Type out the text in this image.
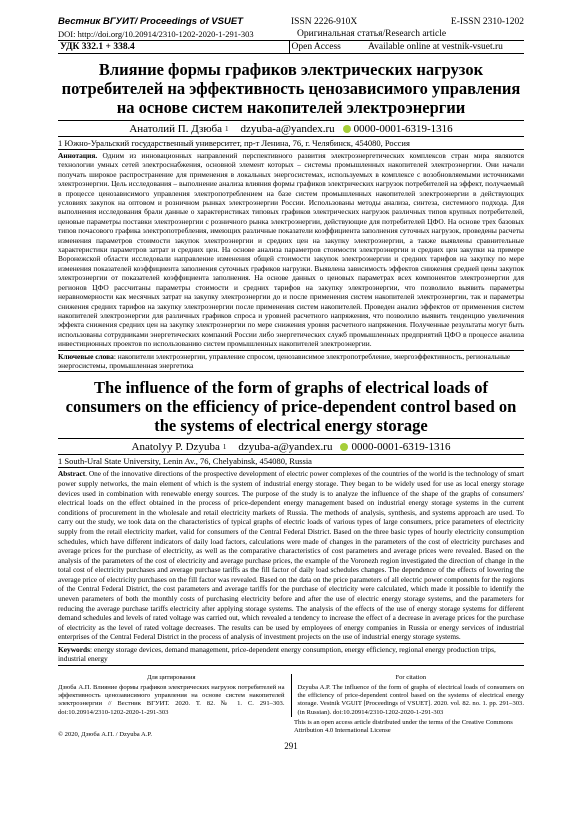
Вестник ВГУИТ/ Proceedings of VSUET	ISSN 2226-910X	E-ISSN 2310-1202
DOI: http://doi.org/10.20914/2310-1202-2020-1-291-303	Оригинальная статья/Research article
УДК 332.1 + 338.4	Open Access	Available online at vestnik-vsuet.ru
Влияние формы графиков электрических нагрузок потребителей на эффективность ценозависимого управления на основе систем накопителей электроэнергии
Анатолий П. Дзюба 1 dzyuba-a@yandex.ru 0000-0001-6319-1316
1 Южно-Уральский государственный университет, пр-т Ленина, 76, г. Челябинск, 454080, Россия

Аннотация. Одним из инновационных направлений перспективного развития электроэнергетических комплексов стран мира являются технологии умных сетей электроснабжения, основной элемент которых – системы промышленных накопителей электроэнергии. Они начали получать широкое распространение для применения в локальных энергосистемах, используемых в комплексе с возобновляемыми источниками электроэнергии. Цель исследования – выполнение анализа влияния формы графиков электрических нагрузок потребителей на эффект, получаемый в процессе ценозависимого управления электропотреблением на базе систем промышленных накопителей электроэнергии в действующих условиях закупок на оптовом и розничном рынках электроэнергии России. Использованы методы анализа, синтеза, системного подхода. Для выполнения исследования брали данные о характеристиках типовых графиков электрических нагрузок различных типов крупных потребителей, ценовые параметры поставки электроэнергии с розничного рынка электроэнергии, действующие для потребителей ЦФО. На основе трех базовых типов почасового графика электропотребления, имеющих различные показатели коэффициента заполнения суточных нагрузок, проведены расчеты изменения параметров стоимости закупок электроэнергии и средних цен на закупку электроэнергии, а также выявлены сравнительные характеристики параметров затрат и средних цен. На основе анализа параметров стоимости электроэнергии и средних цен закупки на примере Воронежской области исследовали направление изменения общей стоимости закупок электроэнергии и средних тарифов на закупку по мере изменения показателей коэффициента заполнения суточных графиков нагрузки. Выявлена зависимость эффектов снижения средней цены закупок электроэнергии от показателей коэффициента заполнения. На основе данных о ценовых параметрах всех компонентов электроэнергии для регионов ЦФО рассчитаны параметры стоимости и средних тарифов на закупку электроэнергии, что позволило выявить параметры неравномерности как месячных затрат на закупку электроэнергии до и после применения систем накопителей электроэнергии, так и параметры снижения средних тарифов на закупку электроэнергии после применения систем накопителей. Проведен анализ эффектов от применения систем накопителей электроэнергии для различных графиков спроса и уровней расчетного напряжения, что позволило выявить тенденцию увеличения эффекта снижения средних цен на закупку электроэнергии по мере снижения уровня расчетного напряжения. Полученные результаты могут быть использованы сотрудниками энергетических компаний России либо энергетических служб промышленных предприятий ЦФО в процессе анализа инвестиционных проектов по использованию систем промышленных накопителей электроэнергии.

Ключевые слова: накопители электроэнергии, управление спросом, ценозависимое электропотребление, энергоэффективность, региональные энергосистемы, промышленная энергетика
The influence of the form of graphs of electrical loads of consumers on the efficiency of price-dependent control based on the systems of electrical energy storage
Anatolyy P. Dzyuba 1 dzyuba-a@yandex.ru 0000-0001-6319-1316
1 South-Ural State University, Lenin Av., 76, Chelyabinsk, 454080, Russia

Abstract. One of the innovative directions of the prospective development of electric power complexes of the countries of the world is the technology of smart power supply networks, the main element of which is the system of industrial energy storage. They began to be widely used for use as local energy storage devices used in combination with renewable energy sources. The purpose of the study is to analyze the influence of the shape of the graphs of consumers' electrical loads on the effect obtained in the process of price-dependent energy management based on industrial energy storage systems in the current conditions of procurement in the wholesale and retail electricity markets of Russia. The methods of analysis, synthesis, and systems approach are used. To carry out the study, we took data on the characteristics of typical graphs of electric loads of various types of large consumers, price parameters of electricity supply from the retail electricity market, valid for consumers of the Central Federal District. Based on the three basic types of hourly electricity consumption schedules, which have different indicators of daily load factors, calculations were made of changes in the parameters of the cost of electricity purchases and average prices for the purchase of electricity, as well as the comparative characteristics of cost parameters and average prices were revealed. Based on the analysis of the parameters of the cost of electricity and average purchase prices, the example of the Voronezh region investigated the direction of change in the total cost of electricity purchases and average purchase tariffs as the fill factor of daily load schedules changes. The dependence of the effects of lowering the average price of electricity purchases on the fill factor was revealed. Based on the data on the price parameters of all electric power components for the regions of the Central Federal District, the cost parameters and average tariffs for the purchase of electricity were calculated, which made it possible to identify the uneven parameters of both the monthly costs of purchasing electricity before and after the use of electric energy storage systems, and the parameters for reducing the average purchase tariffs electricity after applying storage systems. The analysis of the effects of the use of energy storage systems for different demand schedules and levels of rated voltage was carried out, which revealed a tendency to increase the effect of a decrease in average prices for the purchase of electricity as the level of rated voltage decreases. The results can be used by employees of energy companies in Russia or energy services of industrial enterprises of the Central Federal District in the process of analysis of investment projects on the use of industrial energy storage systems.

Keywords: energy storage devices, demand management, price-dependent energy consumption, energy efficiency, regional energy production trips, industrial energy
Для цитирования
Дзюба А.П. Влияние формы графиков электрических нагрузок потребителей на эффективность ценозависимого управления на основе систем накопителей электроэнергии // Вестник ВГУИТ. 2020. Т. 82. № 1. С. 291–303. doi:10.20914/2310-1202-2020-1-291-303
For citation
Dzyuba A.P. The influence of the form of graphs of electrical loads of consumers on the efficiency of price-dependent control based on the systems of electrical energy storage. Vestnik VGUIT [Proceedings of VSUET]. 2020. vol. 82. no. 1. pp. 291–303. (in Russian). doi:10.20914/2310-1202-2020-1-291-303
© 2020, Дзюба А.П. / Dzyuba A.P.
This is an open access article distributed under the terms of the Creative Commons Attribution 4.0 International License
291
